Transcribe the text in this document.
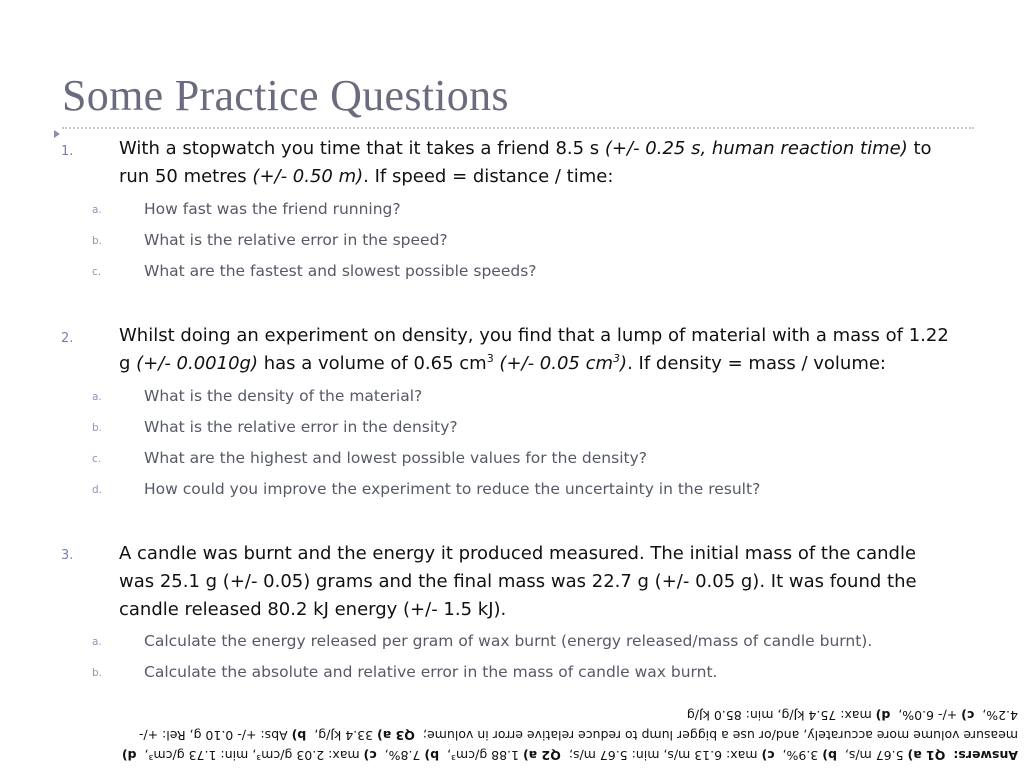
Some Practice Questions
1.	With a stopwatch you time that it takes a friend 8.5 s (+/- 0.25 s, human reaction time) to
run 50 metres (+/- 0.50 m). If speed = distance / time:
a.	How fast was the friend running?
b.	What is the relative error in the speed?
c.	What are the fastest and slowest possible speeds?
2.	Whilst doing an experiment on density, you find that a lump of material with a mass of 1.22
g (+/- 0.0010g) has a volume of 0.65 $cm^3$ (+/- 0.05 $cm^3$). If density = mass / volume:
a.	What is the density of the material?
b.	What is the relative error in the density?
c.	What are the highest and lowest possible values for the density?
d.	How could you improve the experiment to reduce the uncertainty in the result?
3.	A candle was burnt and the energy it produced measured. The initial mass of the candle
was 25.1 g (+/- 0.05) grams and the final mass was 22.7 g (+/- 0.05 g). It was found the
candle released 80.2 kJ energy (+/- 1.5 kJ).
a.	Calculate the energy released per gram of wax burnt (energy released/mass of candle burnt).
b.	Calculate the absolute and relative error in the mass of candle wax burnt.
Answers:  Q1 a) 5.67 m/s,  b) 3.9%,  c) max: 6.13 m/s, min: 5.67 m/s;  Q2 a) 1.88 g/cm³,  b) 7.8%,  c) max: 2.03 g/cm³, min: 1.73 g/cm³,  d)
measure volume more accurately, and/or use a bigger lump to reduce relative error in volume;  Q3 a) 33.4 kJ/g,  b) Abs: +/- 0.10 g, Rel: +/-
4.2%,  c) +/- 6.0%,  d) max: 75.4 kJ/g, min: 85.0 kJ/g
